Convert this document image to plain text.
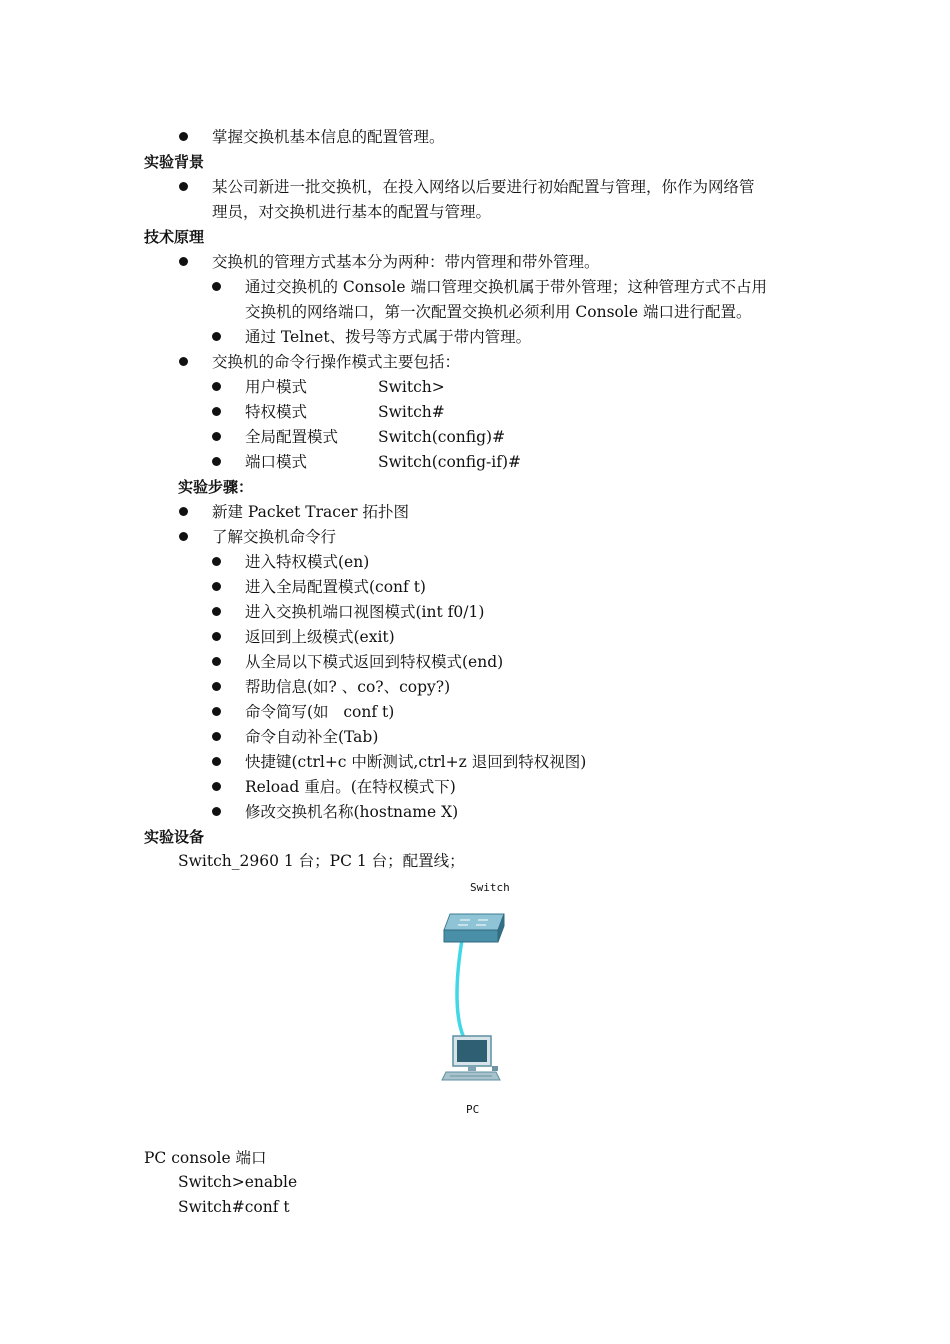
掌握交换机基本信息的配置管理。
实验背景
某公司新进一批交换机，在投入网络以后要进行初始配置与管理，你作为网络管
理员，对交换机进行基本的配置与管理。
技术原理
交换机的管理方式基本分为两种：带内管理和带外管理。
通过交换机的 Console 端口管理交换机属于带外管理；这种管理方式不占用
交换机的网络端口，第一次配置交换机必须利用 Console 端口进行配置。
通过 Telnet、拨号等方式属于带内管理。
交换机的命令行操作模式主要包括：
用户模式	Switch>
特权模式	Switch#
全局配置模式	Switch(config)#
端口模式	Switch(config-if)#
实验步骤：
新建 Packet Tracer 拓扑图
了解交换机命令行
进入特权模式(en)
进入全局配置模式(conf t)
进入交换机端口视图模式(int f0/1)
返回到上级模式(exit)
从全局以下模式返回到特权模式(end)
帮助信息(如? 、co?、copy?)
命令简写(如   conf t)
命令自动补全(Tab)
快捷键(ctrl+c 中断测试,ctrl+z 退回到特权视图)
Reload 重启。(在特权模式下)
修改交换机名称(hostname X)
实验设备
Switch_2960 1 台；PC 1 台；配置线；
Switch
PC
PC console 端口
Switch>enable
Switch#conf t
